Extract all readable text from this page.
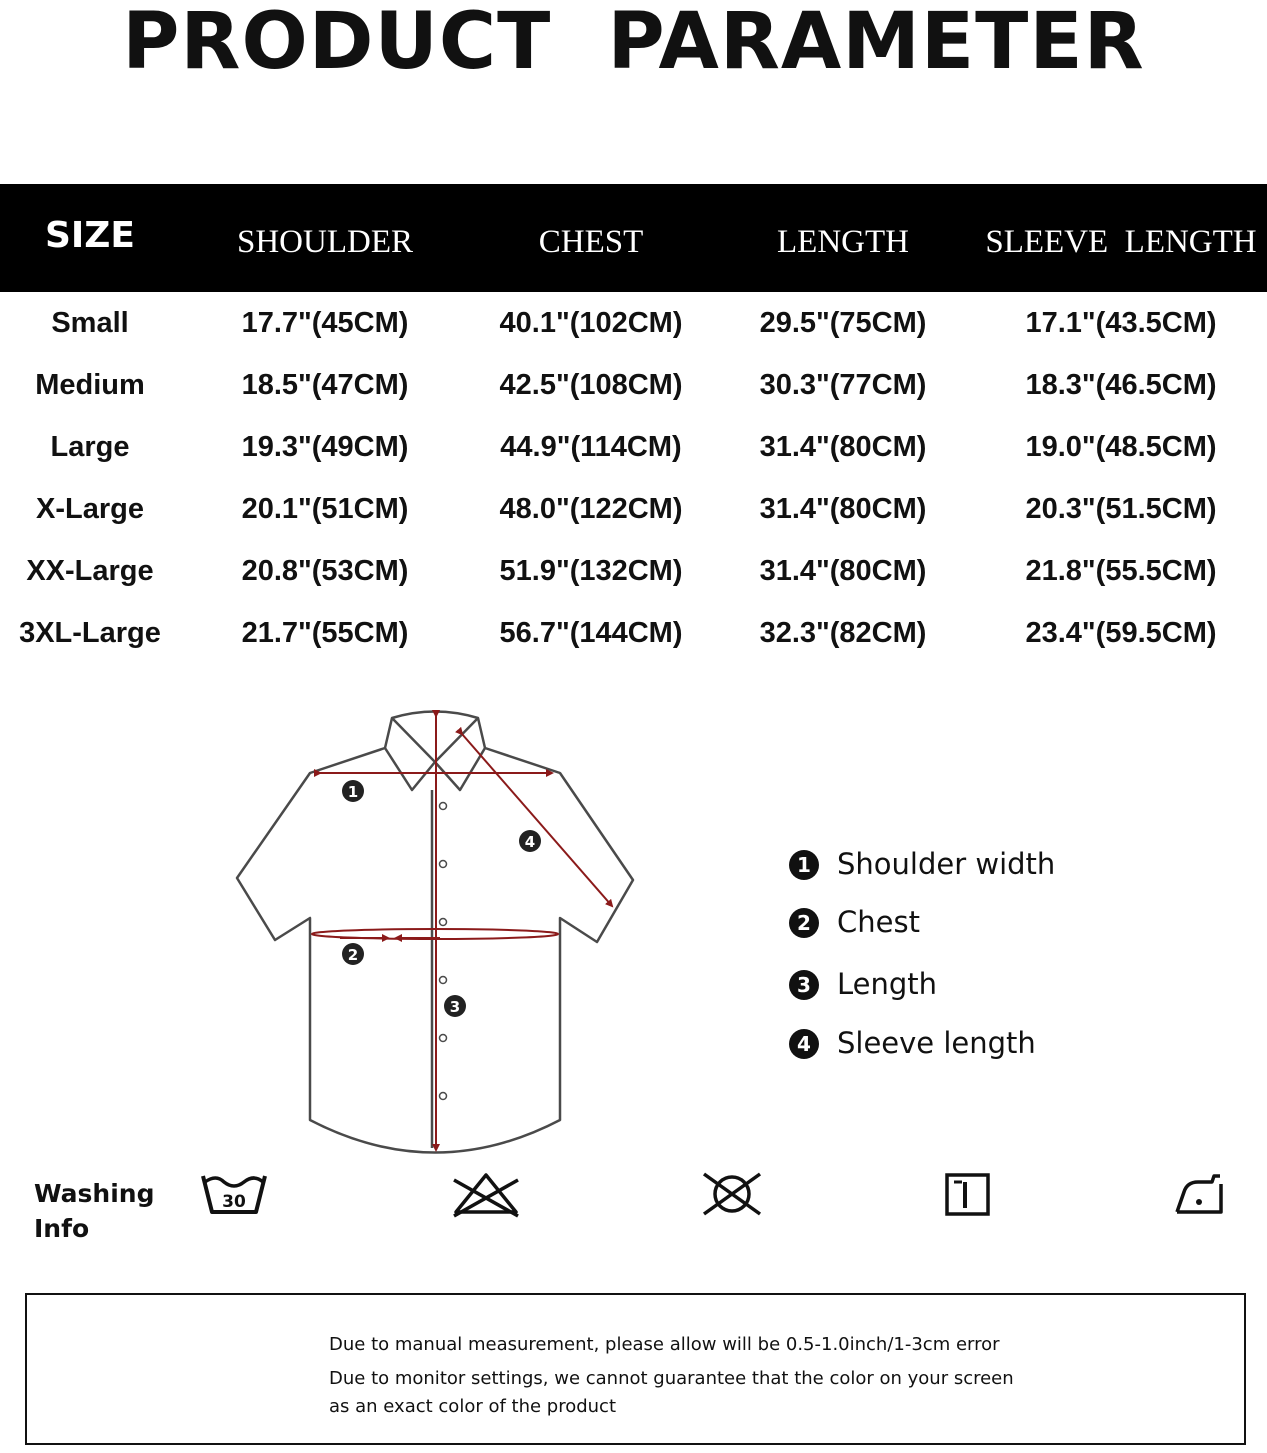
PRODUCT PARAMETER
SIZE	SHOULDER	CHEST	LENGTH	SLEEVE  LENGTH
Small	17.7"(45CM)	40.1"(102CM)	29.5"(75CM)	17.1"(43.5CM)
Medium	18.5"(47CM)	42.5"(108CM)	30.3"(77CM)	18.3"(46.5CM)
Large	19.3"(49CM)	44.9"(114CM)	31.4"(80CM)	19.0"(48.5CM)
X-Large	20.1"(51CM)	48.0"(122CM)	31.4"(80CM)	20.3"(51.5CM)
XX-Large	20.8"(53CM)	51.9"(132CM)	31.4"(80CM)	21.8"(55.5CM)
3XL-Large	21.7"(55CM)	56.7"(144CM)	32.3"(82CM)	23.4"(59.5CM)
1
2
3
4
1 Shoulder width
2 Chest
3 Length
4 Sleeve length
Washing
Info
30
Due to manual measurement, please allow will be 0.5-1.0inch/1-3cm error
Due to monitor settings, we cannot guarantee that the color on your screen
as an exact color of the product
